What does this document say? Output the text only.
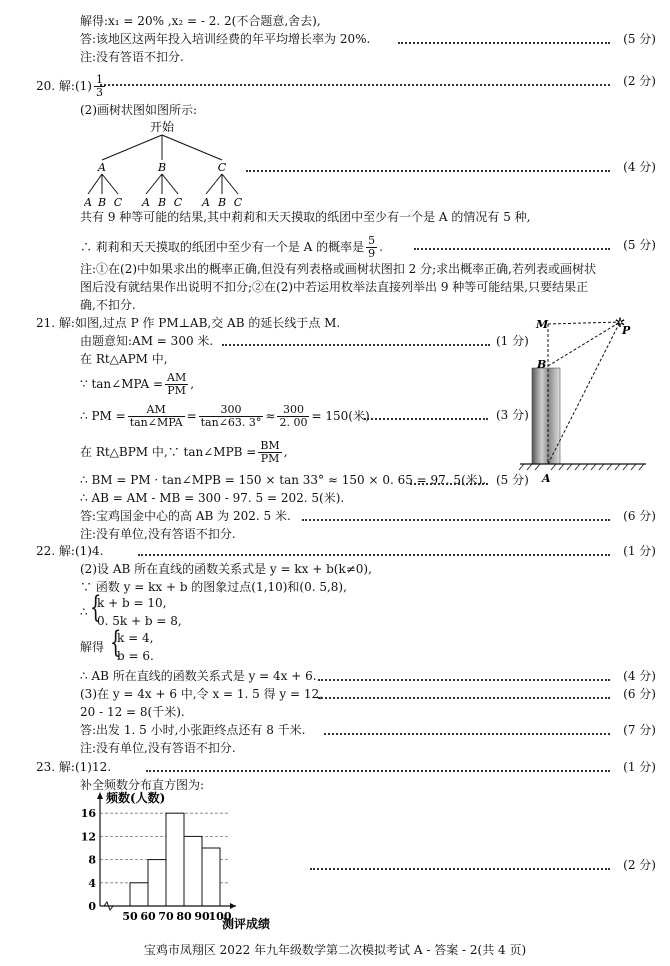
解得:x₁ = 20% ,x₂ = - 2. 2(不合题意,舍去),
答:该地区这两年投入培训经费的年平均增长率为 20%.	(5 分)
注:没有答语不扣分.
20. 解:(1) $\frac{1}{3}$	(2 分)
(2)画树状图如图所示:
开始
A	B	C
A B C A B C A B C
(4 分)
共有 9 种等可能的结果,其中莉莉和天天摸取的纸团中至少有一个是 A 的情况有 5 种,
∴ 莉莉和天天摸取的纸团中至少有一个是 A 的概率是 $\frac{5}{9}$ .	(5 分)
注:①在(2)中如果求出的概率正确,但没有列表格或画树状图扣 2 分;求出概率正确,若列表或画树状
图后没有就结果作出说明不扣分;②在(2)中若运用枚举法直接列举出 9 种等可能结果,只要结果正
确,不扣分.
21. 解:如图,过点 P 作 PM⊥AB,交 AB 的延长线于点 M.
由题意知:AM = 300 米.	(1 分)
在 Rt△APM 中,
∵ tan∠MPA = $\frac{AM}{PM}$ ,
∴ PM = $\frac{AM}{\text{tan∠MPA}} = \frac{300}{\tan\angle 63. 3^\circ} \approx \frac{300}{2. 00} = 150$(米).	(3 分)
在 Rt△BPM 中,∵ tan∠MPB = $\frac{BM}{PM}$ ,
∴ BM = PM · tan∠MPB = 150 × tan 33° ≈ 150 × 0. 65 = 97. 5(米). (5 分)
∴ AB = AM - MB = 300 - 97. 5 = 202. 5(米).
答:宝鸡国金中心的高 AB 为 202. 5 米.	(6 分)
注:没有单位,没有答语不扣分.
✲
M	P
B
A
22. 解:(1)4.	(1 分)
(2)设 AB 所在直线的函数关系式是 y = kx + b(k≠0),
∵ 函数 y = kx + b 的图象过点(1,10)和(0. 5,8),
∴ {
k + b = 10,
0. 5k + b = 8,
解得 {
k = 4,
b = 6.
∴ AB 所在直线的函数关系式是 y = 4x + 6.	(4 分)
(3)在 y = 4x + 6 中,令 x = 1. 5 得 y = 12,	(6 分)
20 - 12 = 8(千米).
答:出发 1. 5 小时,小张距终点还有 8 千米.	(7 分)
注:没有单位,没有答语不扣分.
23. 解:(1)12.	(1 分)
补全频数分布直方图为:
(2 分)
0
4
8
12
16
50 60 70 80 90
100
频数(人数)
测评成绩
宝鸡市凤翔区 2022 年九年级数学第二次模拟考试 A - 答案 - 2(共 4 页)
